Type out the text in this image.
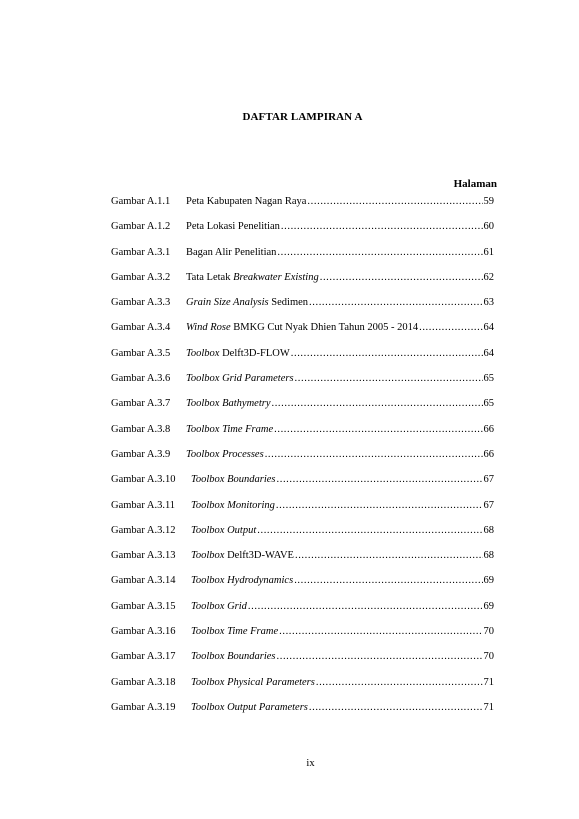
DAFTAR LAMPIRAN A
Halaman
Gambar A.1.1	Peta Kabupaten Nagan Raya .....	59
Gambar A.1.2	Peta Lokasi Penelitian .....	60
Gambar A.3.1	Bagan Alir Penelitian .....	61
Gambar A.3.2	Tata Letak Breakwater Existing .....	62
Gambar A.3.3	Grain Size Analysis Sedimen .....	63
Gambar A.3.4	Wind Rose BMKG Cut Nyak Dhien Tahun 2005 - 2014 .....	64
Gambar A.3.5	Toolbox Delft3D-FLOW .....	64
Gambar A.3.6	Toolbox Grid Parameters .....	65
Gambar A.3.7	Toolbox Bathymetry .....	65
Gambar A.3.8	Toolbox Time Frame .....	66
Gambar A.3.9	Toolbox Processes .....	66
Gambar A.3.10	Toolbox Boundaries .....	67
Gambar A.3.11	Toolbox Monitoring .....	67
Gambar A.3.12	Toolbox Output .....	68
Gambar A.3.13	Toolbox Delft3D-WAVE .....	68
Gambar A.3.14	Toolbox Hydrodynamics .....	69
Gambar A.3.15	Toolbox Grid .....	69
Gambar A.3.16	Toolbox Time Frame .....	70
Gambar A.3.17	Toolbox Boundaries .....	70
Gambar A.3.18	Toolbox Physical Parameters .....	71
Gambar A.3.19	Toolbox Output Parameters .....	71
ix
